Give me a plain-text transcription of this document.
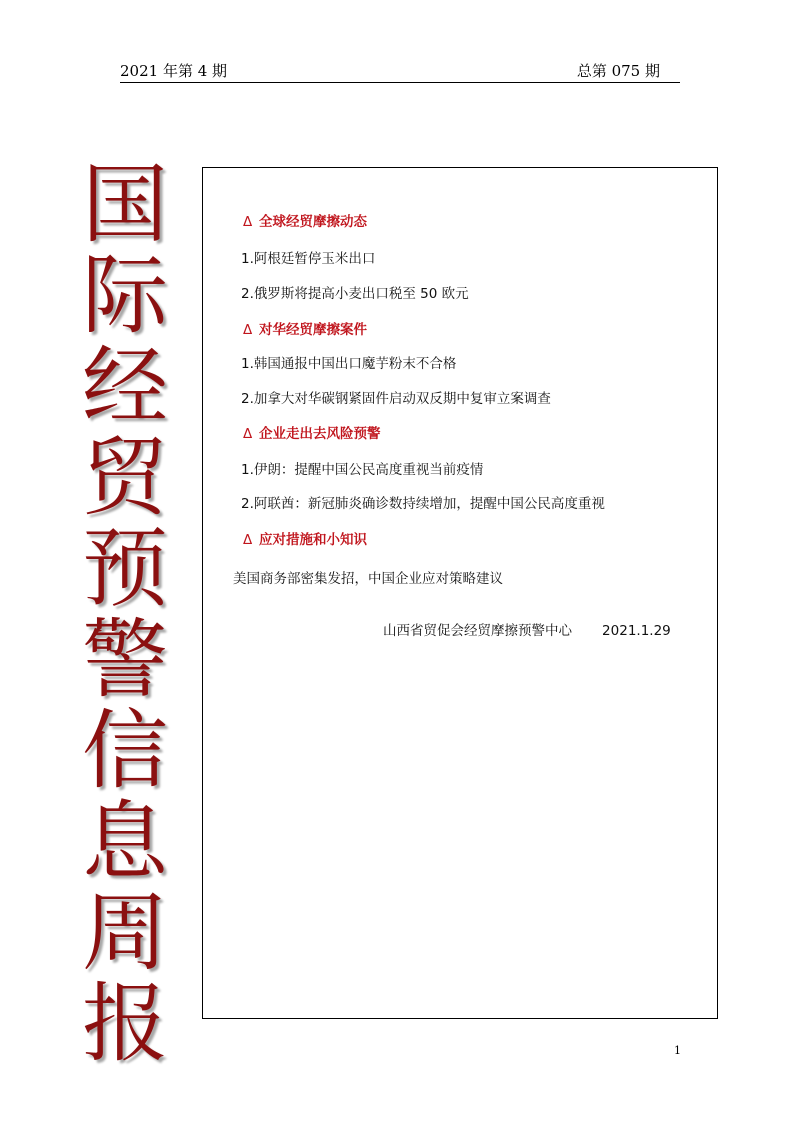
2021 年第 4 期	总第 075 期
国
际
经
贸
预
警
信
息
周
报
Δ 全球经贸摩擦动态
1.阿根廷暂停玉米出口
2.俄罗斯将提高小麦出口税至 50 欧元
Δ 对华经贸摩擦案件
1.韩国通报中国出口魔芋粉末不合格
2.加拿大对华碳钢紧固件启动双反期中复审立案调查
Δ 企业走出去风险预警
1.伊朗：提醒中国公民高度重视当前疫情
2.阿联酋：新冠肺炎确诊数持续增加，提醒中国公民高度重视
Δ 应对措施和小知识
美国商务部密集发招，中国企业应对策略建议
山西省贸促会经贸摩擦预警中心 2021.1.29
1
